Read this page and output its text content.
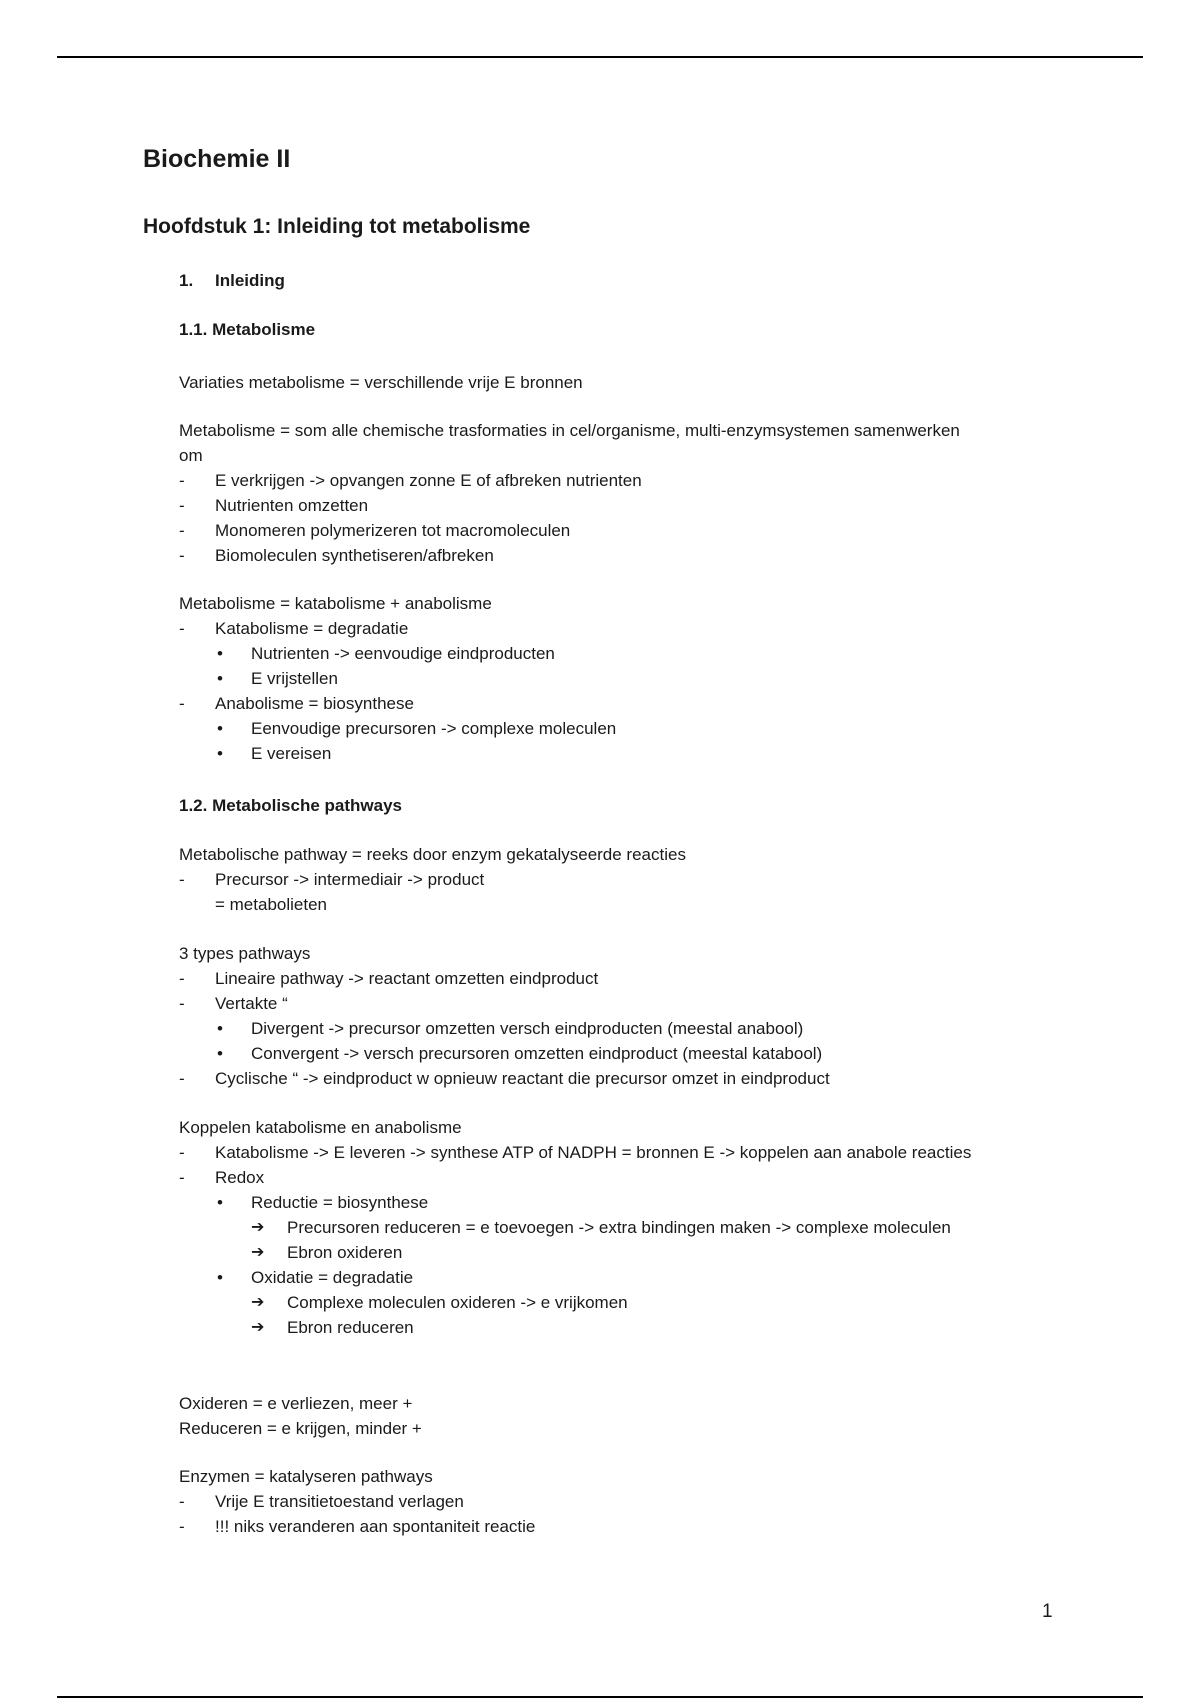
Biochemie II
Hoofdstuk 1: Inleiding tot metabolisme
1. Inleiding
1.1. Metabolisme
Variaties metabolisme = verschillende vrije E bronnen
Metabolisme = som alle chemische trasformaties in cel/organisme, multi-enzymsystemen samenwerken om
- E verkrijgen -> opvangen zonne E of afbreken nutrienten
- Nutrienten omzetten
- Monomeren polymerizeren tot macromoleculen
- Biomoleculen synthetiseren/afbreken
Metabolisme = katabolisme + anabolisme
- Katabolisme = degradatie
• Nutrienten -> eenvoudige eindproducten
• E vrijstellen
- Anabolisme = biosynthese
• Eenvoudige precursoren -> complexe moleculen
• E vereisen
1.2. Metabolische pathways
Metabolische pathway = reeks door enzym gekatalyseerde reacties
- Precursor -> intermediair -> product
= metabolieten
3 types pathways
- Lineaire pathway -> reactant omzetten eindproduct
- Vertakte “
• Divergent -> precursor omzetten versch eindproducten (meestal anabool)
• Convergent -> versch precursoren omzetten eindproduct (meestal katabool)
- Cyclische “ -> eindproduct w opnieuw reactant die precursor omzet in eindproduct
Koppelen katabolisme en anabolisme
- Katabolisme -> E leveren -> synthese ATP of NADPH = bronnen E -> koppelen aan anabole reacties
- Redox
• Reductie = biosynthese
➔ Precursoren reduceren = e toevoegen -> extra bindingen maken -> complexe moleculen
➔ Ebron oxideren
• Oxidatie = degradatie
➔ Complexe moleculen oxideren -> e vrijkomen
➔ Ebron reduceren
Oxideren = e verliezen, meer +
Reduceren = e krijgen, minder +
Enzymen = katalyseren pathways
- Vrije E transitietoestand verlagen
- !!! niks veranderen aan spontaniteit reactie
1
